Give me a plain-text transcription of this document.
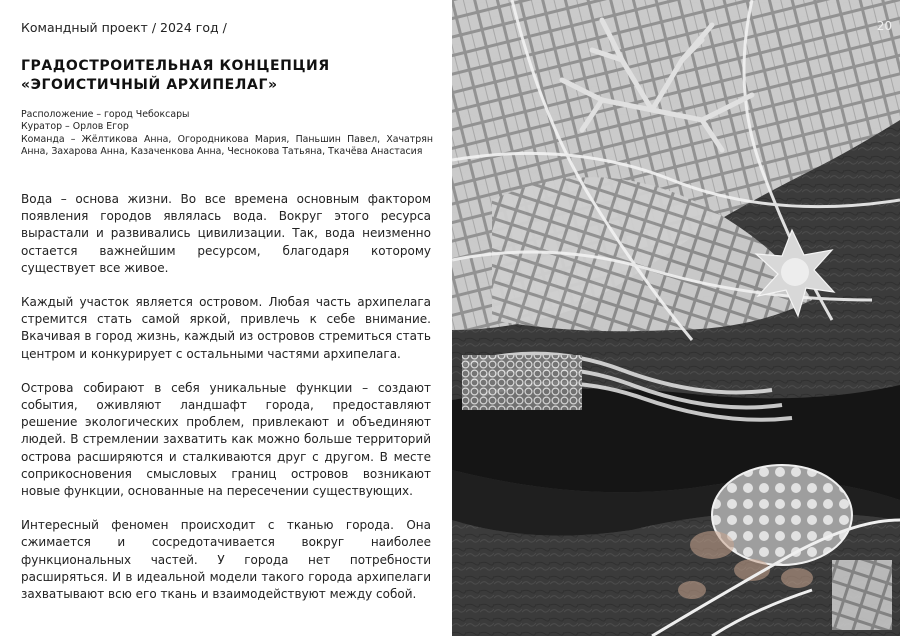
Командный проект / 2024 год /
ГРАДОСТРОИТЕЛЬНАЯ КОНЦЕПЦИЯ
«ЭГОИСТИЧНЫЙ АРХИПЕЛАГ»
Расположение – город Чебоксары
Куратор – Орлов Егор
Команда – Жёлтикова Анна, Огородникова Мария, Паньшин Павел, Хачатрян Анна, Захарова Анна, Казаченкова Анна, Чеснокова Татьяна, Ткачёва Анастасия

Вода – основа жизни. Во все времена основным фактором появления городов являлась вода. Вокруг этого ресурса вырастали и развивались цивилизации. Так, вода неизменно остается важнейшим ресурсом, благодаря которому существует все живое.

Каждый участок является островом. Любая часть архипелага стремится стать самой яркой, привлечь к себе внимание. Вкачивая в город жизнь, каждый из островов стремиться стать центром и конкурирует с остальными частями архипелага.

Острова собирают в себя уникальные функции – создают события, оживляют ландшафт города, предоставляют решение экологических проблем, привлекают и объединяют людей. В стремлении захватить как можно больше территорий острова расширяются и сталкиваются друг с другом. В месте соприкосновения смысловых границ островов возникают новые функции, основанные на пересечении существующих.

Интересный феномен происходит с тканью города. Она сжимается и сосредотачивается вокруг наиболее функциональных частей. У города нет потребности расширяться. И в идеальной модели такого города архипелаги захватывают всю его ткань и взаимодействуют между собой.

20
